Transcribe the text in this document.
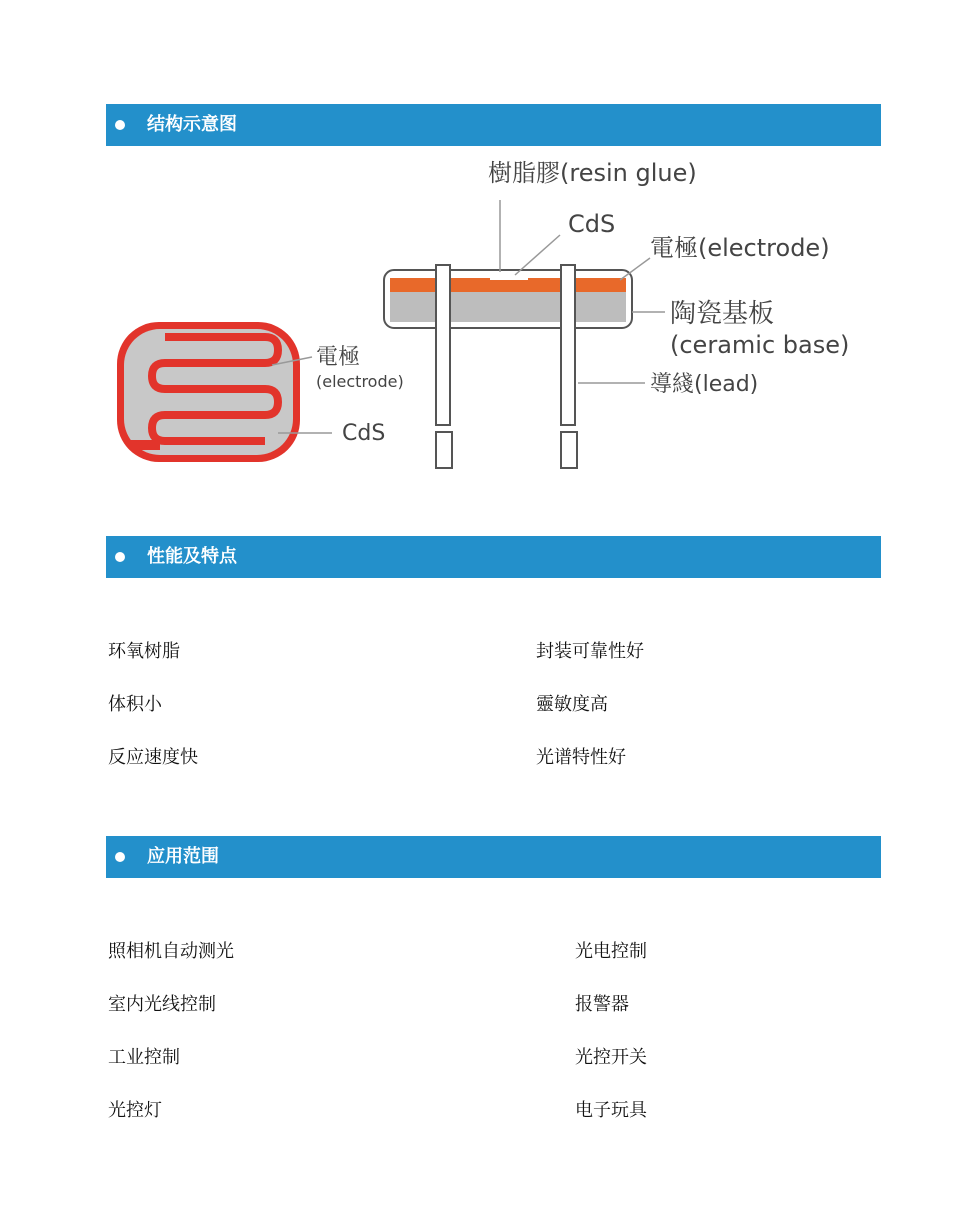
结构示意图
電極
(electrode)
CdS
樹脂膠(resin glue)
CdS
電極(electrode)
陶瓷基板
(ceramic base)
導綫(lead)
性能及特点
环氧树脂
体积小
反应速度快
封装可靠性好
靈敏度高
光谱特性好
应用范围
照相机自动测光
室内光线控制
工业控制
光控灯
光电控制
报警器
光控开关
电子玩具
